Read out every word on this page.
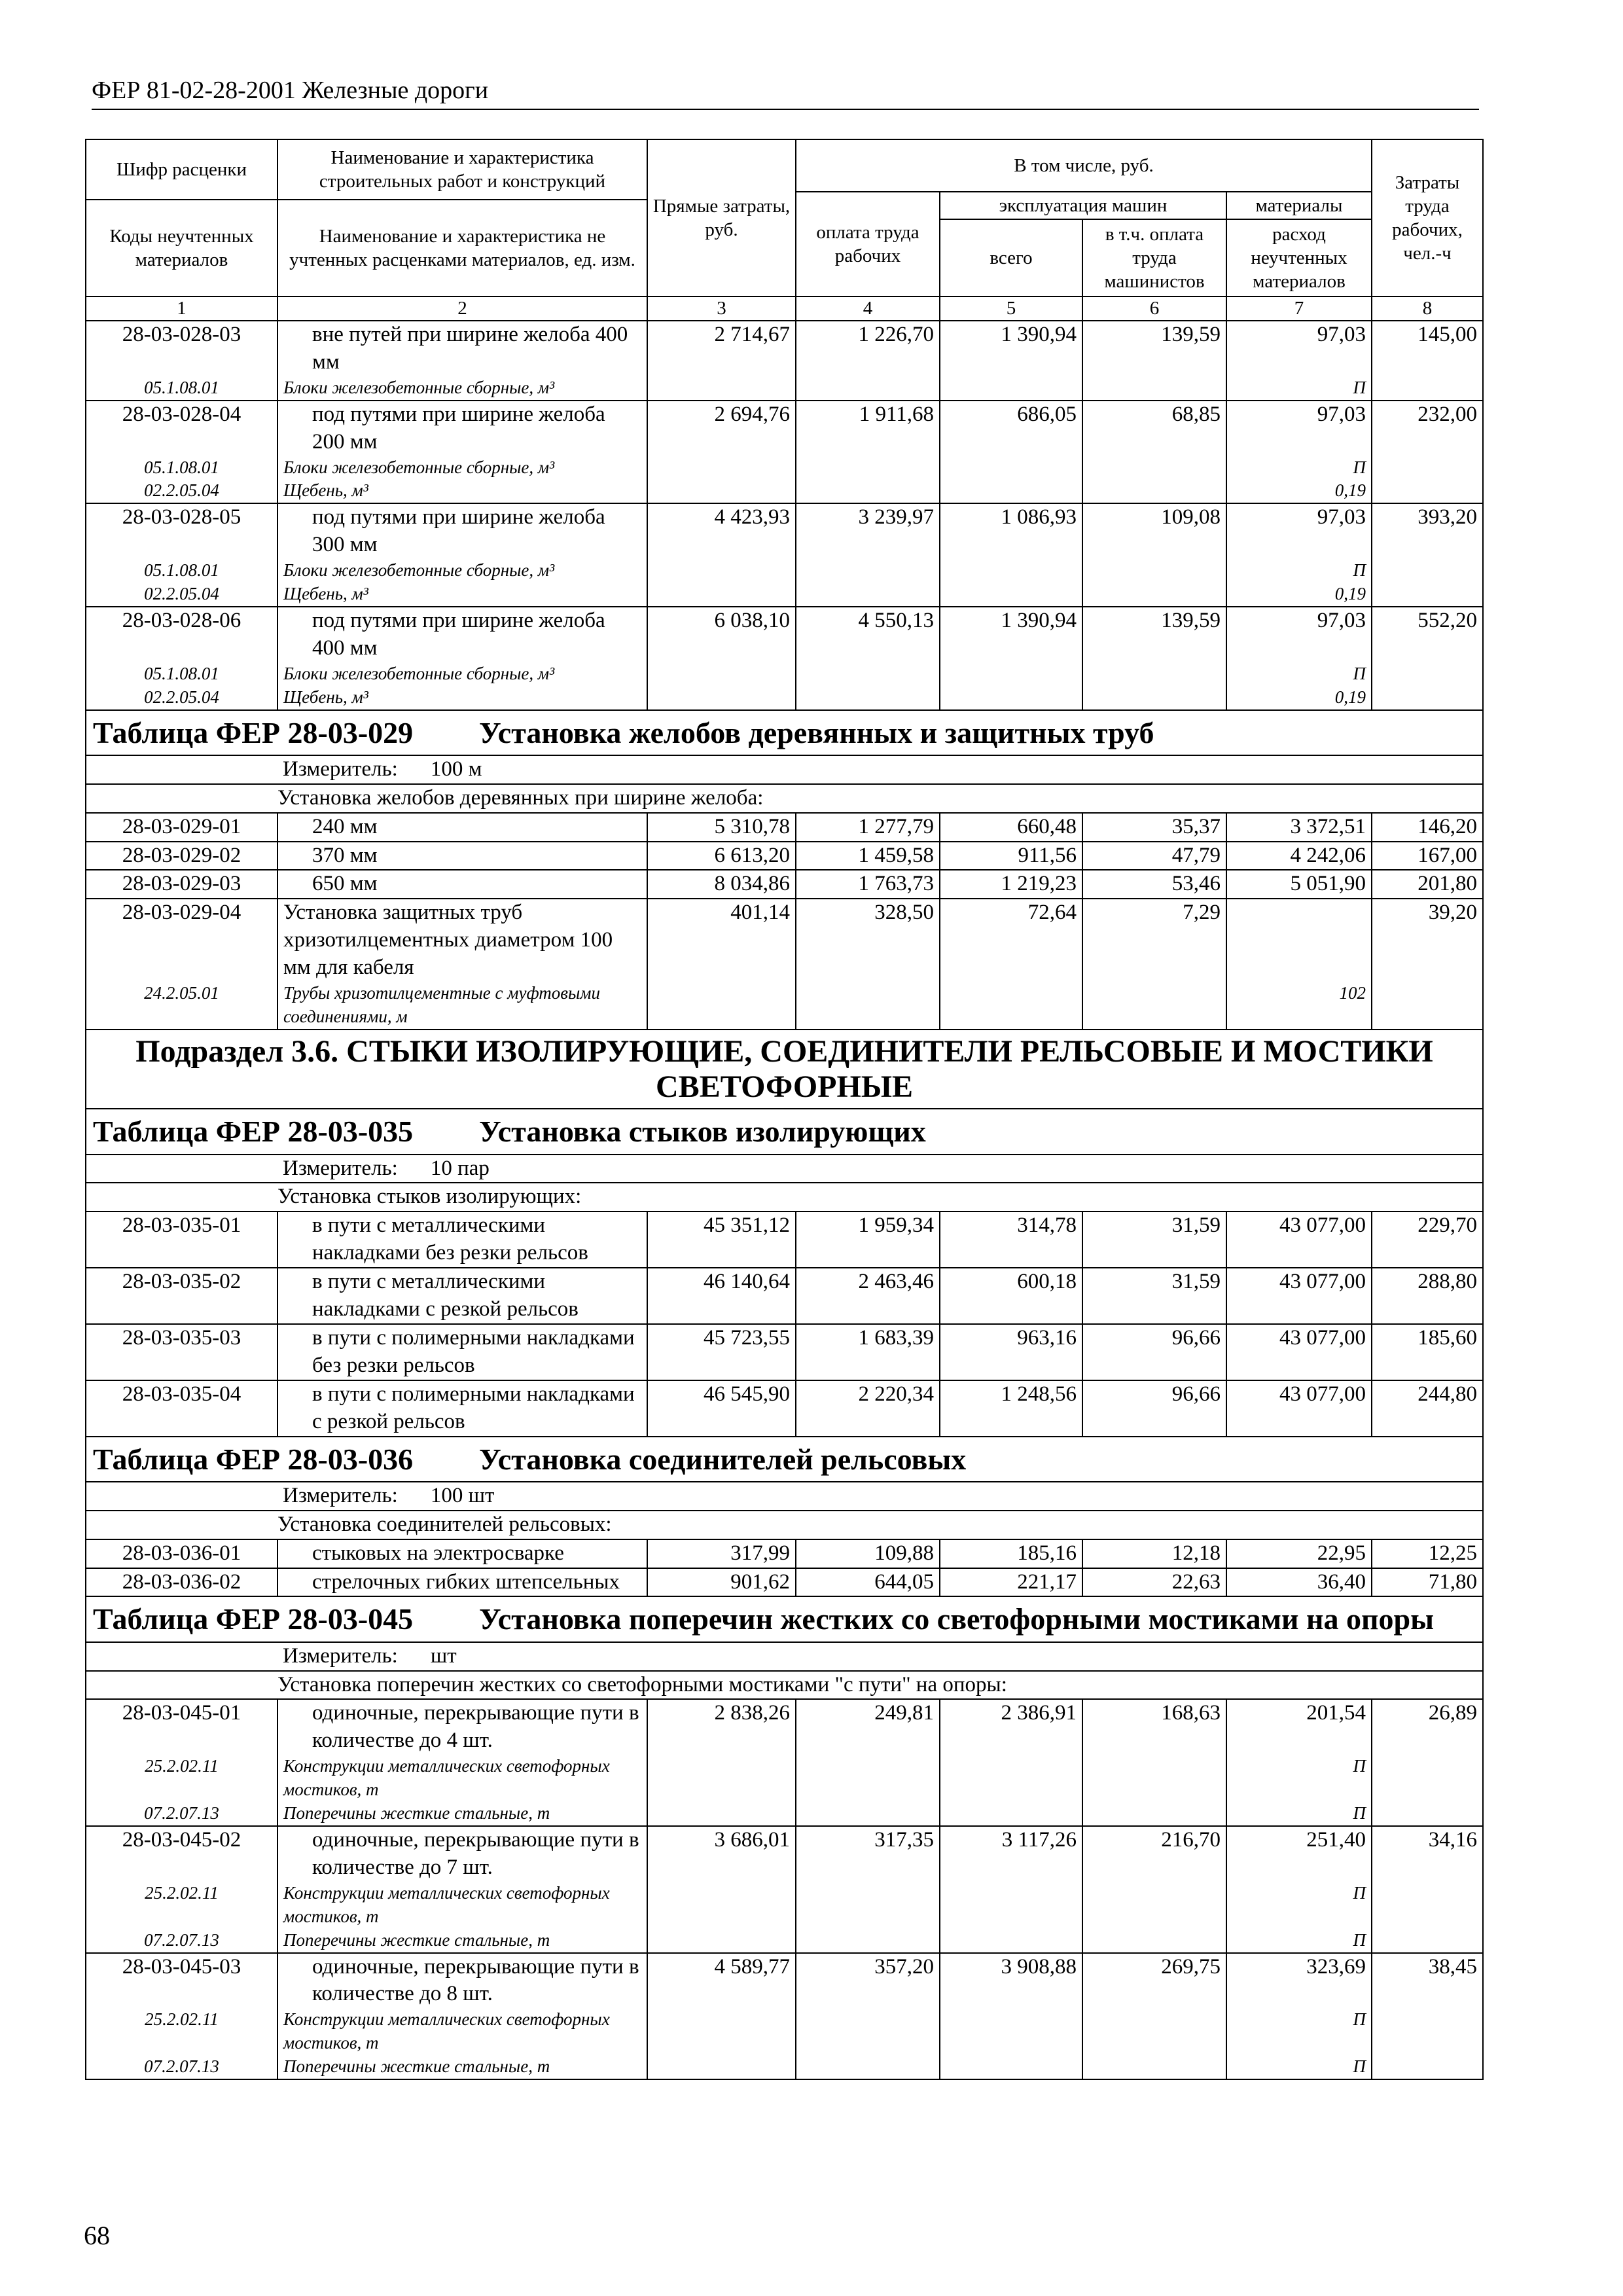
ФЕР 81-02-28-2001 Железные дороги
Шифр расценки	Наименование и характеристика строительных работ и конструкций	Прямые затраты, руб.	В том числе, руб.				Затраты труда рабочих, чел.-ч
			оплата труда рабочих	эксплуатация машин		материалы	
Коды неучтенных материалов	Наименование и характеристика не учтенных расценками материалов, ед. изм.						
				всего	в т.ч. оплата труда машинистов	расход неучтенных материалов	
1	2	3	4	5	6	7	8
28-03-028-03	вне путей при ширине желоба 400 мм	2 714,67	1 226,70	1 390,94	139,59	97,03	145,00
05.1.08.01	Блоки железобетонные сборные, м³					П	
28-03-028-04	под путями при ширине желоба 200 мм	2 694,76	1 911,68	686,05	68,85	97,03	232,00
05.1.08.01	Блоки железобетонные сборные, м³					П	
02.2.05.04	Щебень, м³					0,19	
28-03-028-05	под путями при ширине желоба 300 мм	4 423,93	3 239,97	1 086,93	109,08	97,03	393,20
05.1.08.01	Блоки железобетонные сборные, м³					П	
02.2.05.04	Щебень, м³					0,19	
28-03-028-06	под путями при ширине желоба 400 мм	6 038,10	4 550,13	1 390,94	139,59	97,03	552,20
05.1.08.01	Блоки железобетонные сборные, м³					П	
02.2.05.04	Щебень, м³					0,19	
Таблица ФЕР 28-03-029 Установка желобов деревянных и защитных труб							
Измеритель: 100 м							
Установка желобов деревянных при ширине желоба:							
28-03-029-01	240 мм	5 310,78	1 277,79	660,48	35,37	3 372,51	146,20
28-03-029-02	370 мм	6 613,20	1 459,58	911,56	47,79	4 242,06	167,00
28-03-029-03	650 мм	8 034,86	1 763,73	1 219,23	53,46	5 051,90	201,80
28-03-029-04	Установка защитных труб хризотилцементных диаметром 100 мм для кабеля	401,14	328,50	72,64	7,29		39,20
24.2.05.01	Трубы хризотилцементные с муфтовыми соединениями, м					102	
Подраздел 3.6. СТЫКИ ИЗОЛИРУЮЩИЕ, СОЕДИНИТЕЛИ РЕЛЬСОВЫЕ И МОСТИКИ СВЕТОФОРНЫЕ							
Таблица ФЕР 28-03-035 Установка стыков изолирующих							
Измеритель: 10 пар							
Установка стыков изолирующих:							
28-03-035-01	в пути с металлическими накладками без резки рельсов	45 351,12	1 959,34	314,78	31,59	43 077,00	229,70
28-03-035-02	в пути с металлическими накладками с резкой рельсов	46 140,64	2 463,46	600,18	31,59	43 077,00	288,80
28-03-035-03	в пути с полимерными накладками без резки рельсов	45 723,55	1 683,39	963,16	96,66	43 077,00	185,60
28-03-035-04	в пути с полимерными накладками с резкой рельсов	46 545,90	2 220,34	1 248,56	96,66	43 077,00	244,80
Таблица ФЕР 28-03-036 Установка соединителей рельсовых							
Измеритель: 100 шт							
Установка соединителей рельсовых:							
28-03-036-01	стыковых на электросварке	317,99	109,88	185,16	12,18	22,95	12,25
28-03-036-02	стрелочных гибких штепсельных	901,62	644,05	221,17	22,63	36,40	71,80
Таблица ФЕР 28-03-045 Установка поперечин жестких со светофорными мостиками на опоры							
Измеритель: шт							
Установка поперечин жестких со светофорными мостиками "с пути" на опоры:							
28-03-045-01	одиночные, перекрывающие пути в количестве до 4 шт.	2 838,26	249,81	2 386,91	168,63	201,54	26,89
25.2.02.11	Конструкции металлических светофорных мостиков, т					П	
07.2.07.13	Поперечины жесткие стальные, т					П	
28-03-045-02	одиночные, перекрывающие пути в количестве до 7 шт.	3 686,01	317,35	3 117,26	216,70	251,40	34,16
25.2.02.11	Конструкции металлических светофорных мостиков, т					П	
07.2.07.13	Поперечины жесткие стальные, т					П	
28-03-045-03	одиночные, перекрывающие пути в количестве до 8 шт.	4 589,77	357,20	3 908,88	269,75	323,69	38,45
25.2.02.11	Конструкции металлических светофорных мостиков, т					П	
07.2.07.13	Поперечины жесткие стальные, т					П	
68
